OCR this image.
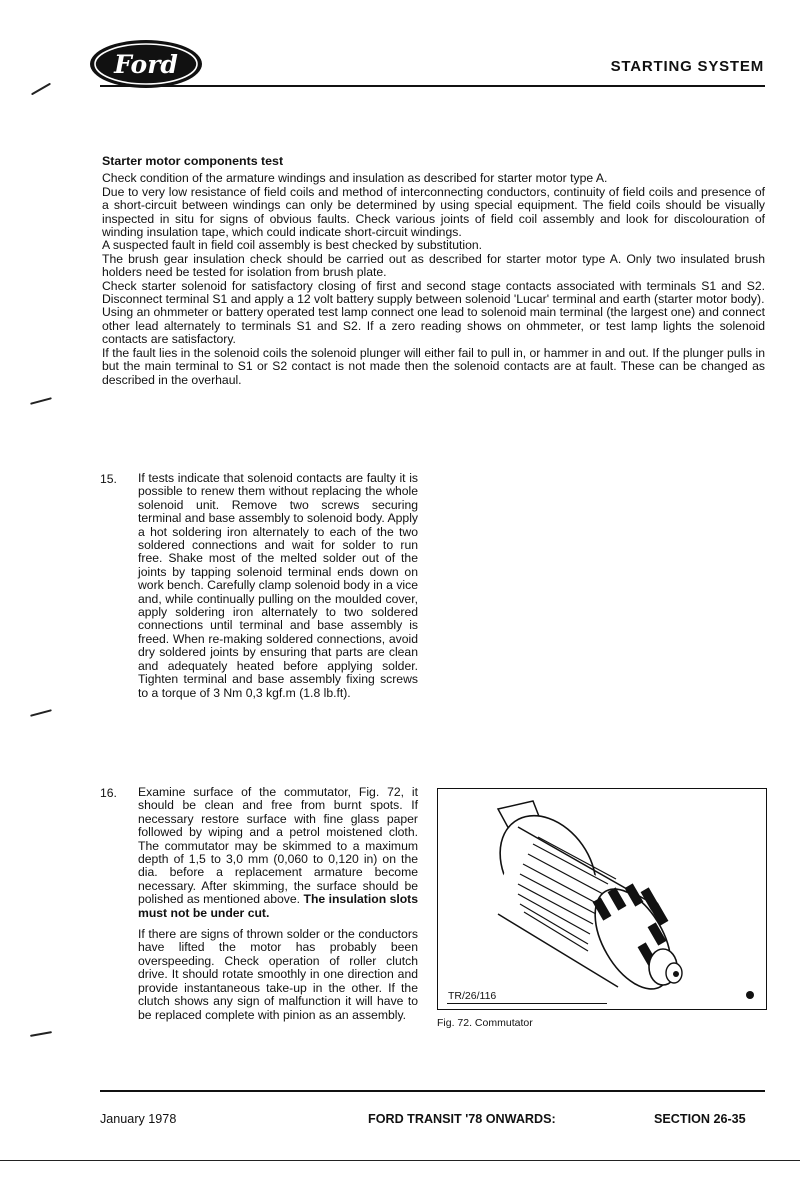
Ford	STARTING SYSTEM
Starter motor components test

Check condition of the armature windings and insulation as described for starter motor type A.

Due to very low resistance of field coils and method of interconnecting conductors, continuity of field coils and presence of a short-circuit between windings can only be determined by using special equipment. The field coils should be visually inspected in situ for signs of obvious faults. Check various joints of field coil assembly and look for discolouration of winding insulation tape, which could indicate short-circuit windings.

A suspected fault in field coil assembly is best checked by substitution.

The brush gear insulation check should be carried out as described for starter motor type A. Only two insulated brush holders need be tested for isolation from brush plate.

Check starter solenoid for satisfactory closing of first and second stage contacts associated with terminals S1 and S2. Disconnect terminal S1 and apply a 12 volt battery supply between solenoid 'Lucar' terminal and earth (starter motor body).

Using an ohmmeter or battery operated test lamp connect one lead to solenoid main terminal (the largest one) and connect other lead alternately to terminals S1 and S2. If a zero reading shows on ohmmeter, or test lamp lights the solenoid contacts are satisfactory.

If the fault lies in the solenoid coils the solenoid plunger will either fail to pull in, or hammer in and out. If the plunger pulls in but the main terminal to S1 or S2 contact is not made then the solenoid contacts are at fault. These can be changed as described in the overhaul.

15. If tests indicate that solenoid contacts are faulty it is possible to renew them without replacing the whole solenoid unit. Remove two screws securing terminal and base assembly to solenoid body. Apply a hot soldering iron alternately to each of the two soldered connections and wait for solder to run free. Shake most of the melted solder out of the joints by tapping solenoid terminal ends down on work bench. Carefully clamp solenoid body in a vice and, while continually pulling on the moulded cover, apply soldering iron alternately to two soldered connections until terminal and base assembly is freed. When re-making soldered connections, avoid dry soldered joints by ensuring that parts are clean and adequately heated before applying solder. Tighten terminal and base assembly fixing screws to a torque of 3 Nm 0,3 kgf.m (1.8 lb.ft).
16. Examine surface of the commutator, Fig. 72, it should be clean and free from burnt spots. If necessary restore surface with fine glass paper followed by wiping and a petrol moistened cloth. The commutator may be skimmed to a maximum depth of 1,5 to 3,0 mm (0,060 to 0,120 in) on the dia. before a replacement armature become necessary. After skimming, the surface should be polished as mentioned above. The insulation slots must not be under cut.

If there are signs of thrown solder or the conductors have lifted the motor has probably been overspeeding. Check operation of roller clutch drive. It should rotate smoothly in one direction and provide instantaneous take-up in the other. If the clutch shows any sign of malfunction it will have to be replaced complete with pinion as an assembly.

TR/26/116
Fig. 72. Commutator
January 1978	FORD TRANSIT '78 ONWARDS:	SECTION 26-35
